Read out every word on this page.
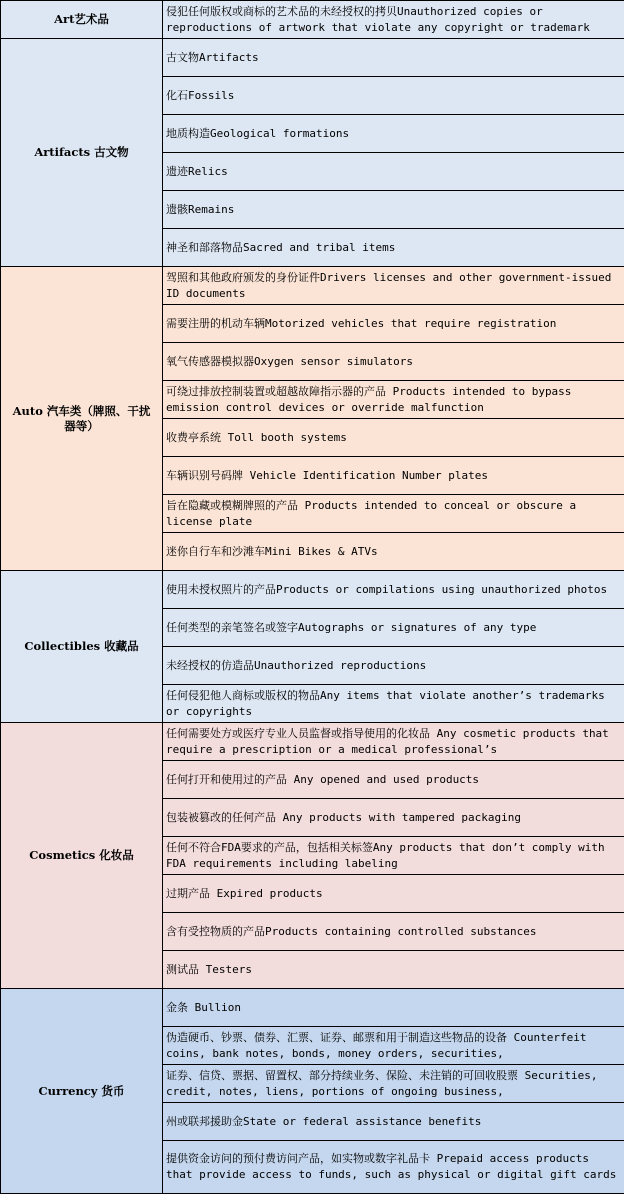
Art艺术品	侵犯任何版权或商标的艺术品的未经授权的拷贝Unauthorized copies or reproductions of artwork that violate any copyright or trademark

Artifacts 古文物	古文物Artifacts

	化石Fossils

	地质构造Geological formations

	遗迹Relics

	遗骸Remains

	神圣和部落物品Sacred and tribal items

Auto 汽车类（牌照、干扰器等）	驾照和其他政府颁发的身份证件Drivers licenses and other government-issued ID documents

	需要注册的机动车辆Motorized vehicles that require registration

	氧气传感器模拟器Oxygen sensor simulators

	可绕过排放控制装置或超越故障指示器的产品 Products intended to bypass emission control devices or override malfunction

	收费亭系统 Toll booth systems

	车辆识别号码牌 Vehicle Identification Number plates

	旨在隐藏或模糊牌照的产品 Products intended to conceal or obscure a license plate

	迷你自行车和沙滩车Mini Bikes & ATVs

Collectibles 收藏品	使用未授权照片的产品Products or compilations using unauthorized photos

	任何类型的亲笔签名或签字Autographs or signatures of any type

	未经授权的仿造品Unauthorized reproductions

	任何侵犯他人商标或版权的物品Any items that violate another’s trademarks or copyrights

Cosmetics 化妆品	任何需要处方或医疗专业人员监督或指导使用的化妆品 Any cosmetic products that require a prescription or a medical professional’s

	任何打开和使用过的产品 Any opened and used products

	包装被篡改的任何产品 Any products with tampered packaging

	任何不符合FDA要求的产品，包括相关标签Any products that don’t comply with FDA requirements including labeling

	过期产品 Expired products

	含有受控物质的产品Products containing controlled substances

	测试品 Testers

Currency 货币	金条 Bullion

	伪造硬币、钞票、债券、汇票、证券、邮票和用于制造这些物品的设备 Counterfeit coins, bank notes, bonds, money orders, securities,

	证券、信贷、票据、留置权、部分持续业务、保险、未注销的可回收股票 Securities, credit, notes, liens, portions of ongoing business,

	州或联邦援助金State or federal assistance benefits

	提供资金访问的预付费访问产品，如实物或数字礼品卡 Prepaid access products that provide access to funds, such as physical or digital gift cards
